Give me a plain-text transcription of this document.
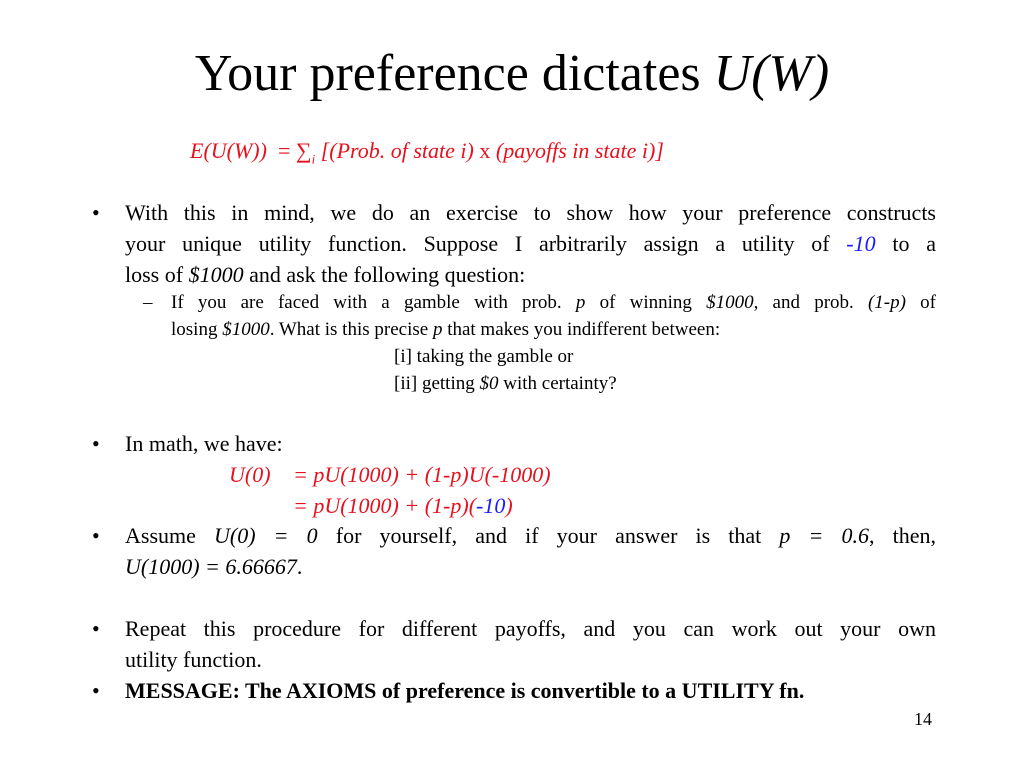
Your preference dictates U(W)
$E(U(W)) = \sum_i$ [(Prob. of state i) x (payoffs in state i)]
• With this in mind, we do an exercise to show how your preference constructs
your unique utility function. Suppose I arbitrarily assign a utility of -10 to a
loss of $1000 and ask the following question:
– If you are faced with a gamble with prob. p of winning $1000, and prob. (1-p) of
losing $1000. What is this precise p that makes you indifferent between:
[i] taking the gamble or
[ii] getting $0 with certainty?
• In math, we have:
U(0) = pU(1000) + (1-p)U(-1000)
= pU(1000) + (1-p)(-10)
• Assume U(0) = 0 for yourself, and if your answer is that p = 0.6, then,
U(1000) = 6.66667.
• Repeat this procedure for different payoffs, and you can work out your own
utility function.
• MESSAGE: The AXIOMS of preference is convertible to a UTILITY fn.
14
